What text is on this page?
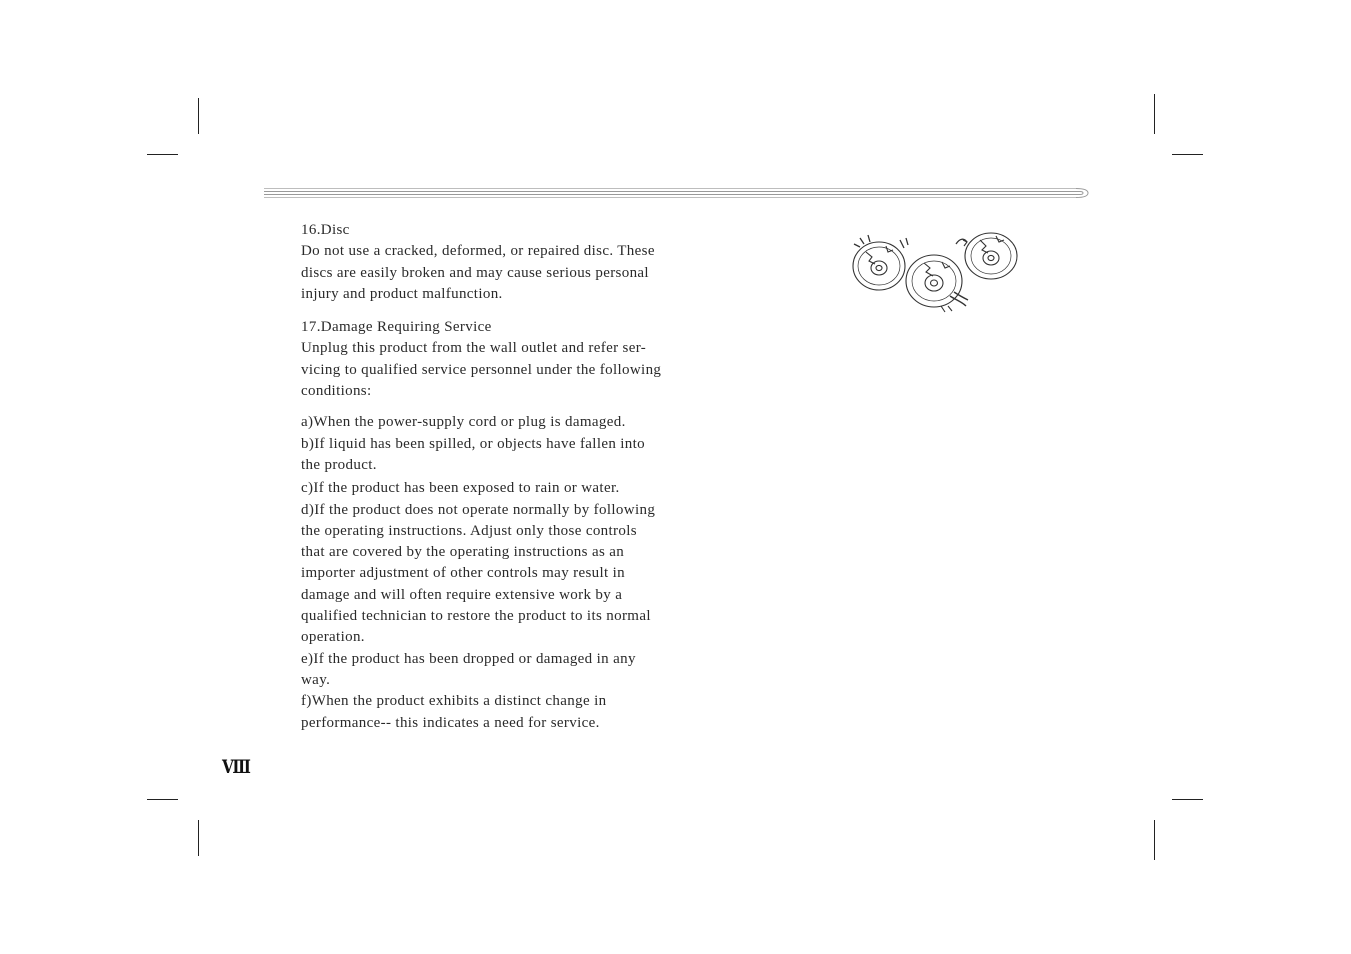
16.Disc

Do not use a cracked, deformed, or repaired disc. These

discs are easily broken and may cause serious personal

injury and product malfunction.

17.Damage Requiring Service

Unplug this product from the wall outlet and refer ser-

vicing to qualified service personnel under the following

conditions:

a)When the power-supply cord or plug is damaged.

b)If liquid has been spilled, or objects have fallen into

the product.

c)If the product has been exposed to rain or water.

d)If the product does not operate normally by following

the operating instructions. Adjust only those controls

that are covered by the operating instructions as an

importer adjustment of other controls may result in

damage and will often require extensive work by a

qualified technician to restore the product to its normal

operation.

e)If the product has been dropped or damaged in any

way.

f)When the product exhibits a distinct change in

performance-- this indicates a need for service.

Ⅷ
